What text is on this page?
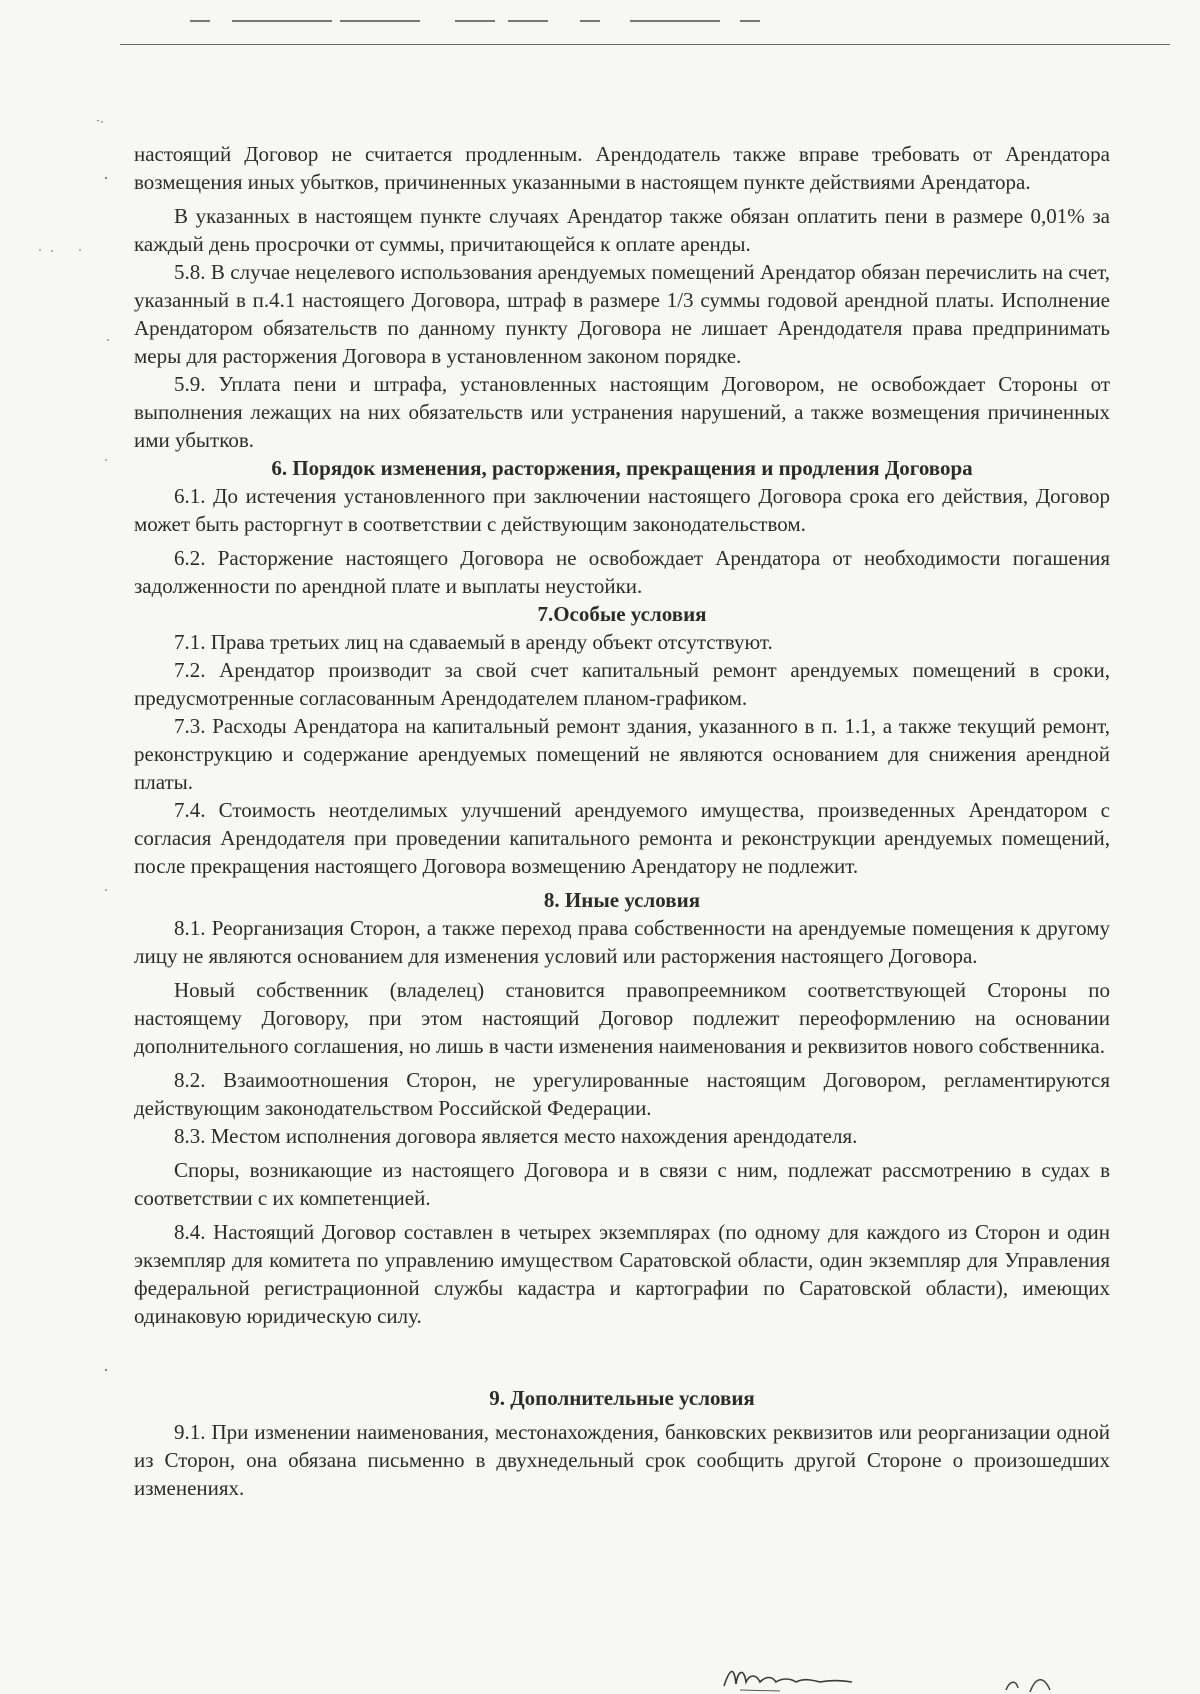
настоящий Договор не считается продленным. Арендодатель также вправе требовать от Арендатора возмещения иных убытков, причиненных указанными в настоящем пункте действиями Арендатора.

В указанных в настоящем пункте случаях Арендатор также обязан оплатить пени в размере 0,01% за каждый день просрочки от суммы, причитающейся к оплате аренды.

5.8. В случае нецелевого использования арендуемых помещений Арендатор обязан перечислить на счет, указанный в п.4.1 настоящего Договора, штраф в размере 1/3 суммы годовой арендной платы. Исполнение Арендатором обязательств по данному пункту Договора не лишает Арендодателя права предпринимать меры для расторжения Договора в установленном законом порядке.

5.9. Уплата пени и штрафа, установленных настоящим Договором, не освобождает Стороны от выполнения лежащих на них обязательств или устранения нарушений, а также возмещения причиненных ими убытков.

6. Порядок изменения, расторжения, прекращения и продления Договора

6.1. До истечения установленного при заключении настоящего Договора срока его действия, Договор может быть расторгнут в соответствии с действующим законодательством.

6.2. Расторжение настоящего Договора не освобождает Арендатора от необходимости погашения задолженности по арендной плате и выплаты неустойки.

7.Особые условия

7.1. Права третьих лиц на сдаваемый в аренду объект отсутствуют.

7.2. Арендатор производит за свой счет капитальный ремонт арендуемых помещений в сроки, предусмотренные согласованным Арендодателем планом-графиком.

7.3. Расходы Арендатора на капитальный ремонт здания, указанного в п. 1.1, а также текущий ремонт, реконструкцию и содержание арендуемых помещений не являются основанием для снижения арендной платы.

7.4. Стоимость неотделимых улучшений арендуемого имущества, произведенных Арендатором с согласия Арендодателя при проведении капитального ремонта и реконструкции арендуемых помещений, после прекращения настоящего Договора возмещению Арендатору не подлежит.

8. Иные условия

8.1. Реорганизация Сторон, а также переход права собственности на арендуемые помещения к другому лицу не являются основанием для изменения условий или расторжения настоящего Договора.

Новый собственник (владелец) становится правопреемником соответствующей Стороны по настоящему Договору, при этом настоящий Договор подлежит переоформлению на основании дополнительного соглашения, но лишь в части изменения наименования и реквизитов нового собственника.

8.2. Взаимоотношения Сторон, не урегулированные настоящим Договором, регламентируются действующим законодательством Российской Федерации.

8.3. Местом исполнения договора является место нахождения арендодателя.

Споры, возникающие из настоящего Договора и в связи с ним, подлежат рассмотрению в судах в соответствии с их компетенцией.

8.4. Настоящий Договор составлен в четырех экземплярах (по одному для каждого из Сторон и один экземпляр для комитета по управлению имуществом Саратовской области, один экземпляр для Управления федеральной регистрационной службы кадастра и картографии по Саратовской области), имеющих одинаковую юридическую силу.

9. Дополнительные условия

9.1. При изменении наименования, местонахождения, банковских реквизитов или реорганизации одной из Сторон, она обязана письменно в двухнедельный срок сообщить другой Стороне о произошедших изменениях.
